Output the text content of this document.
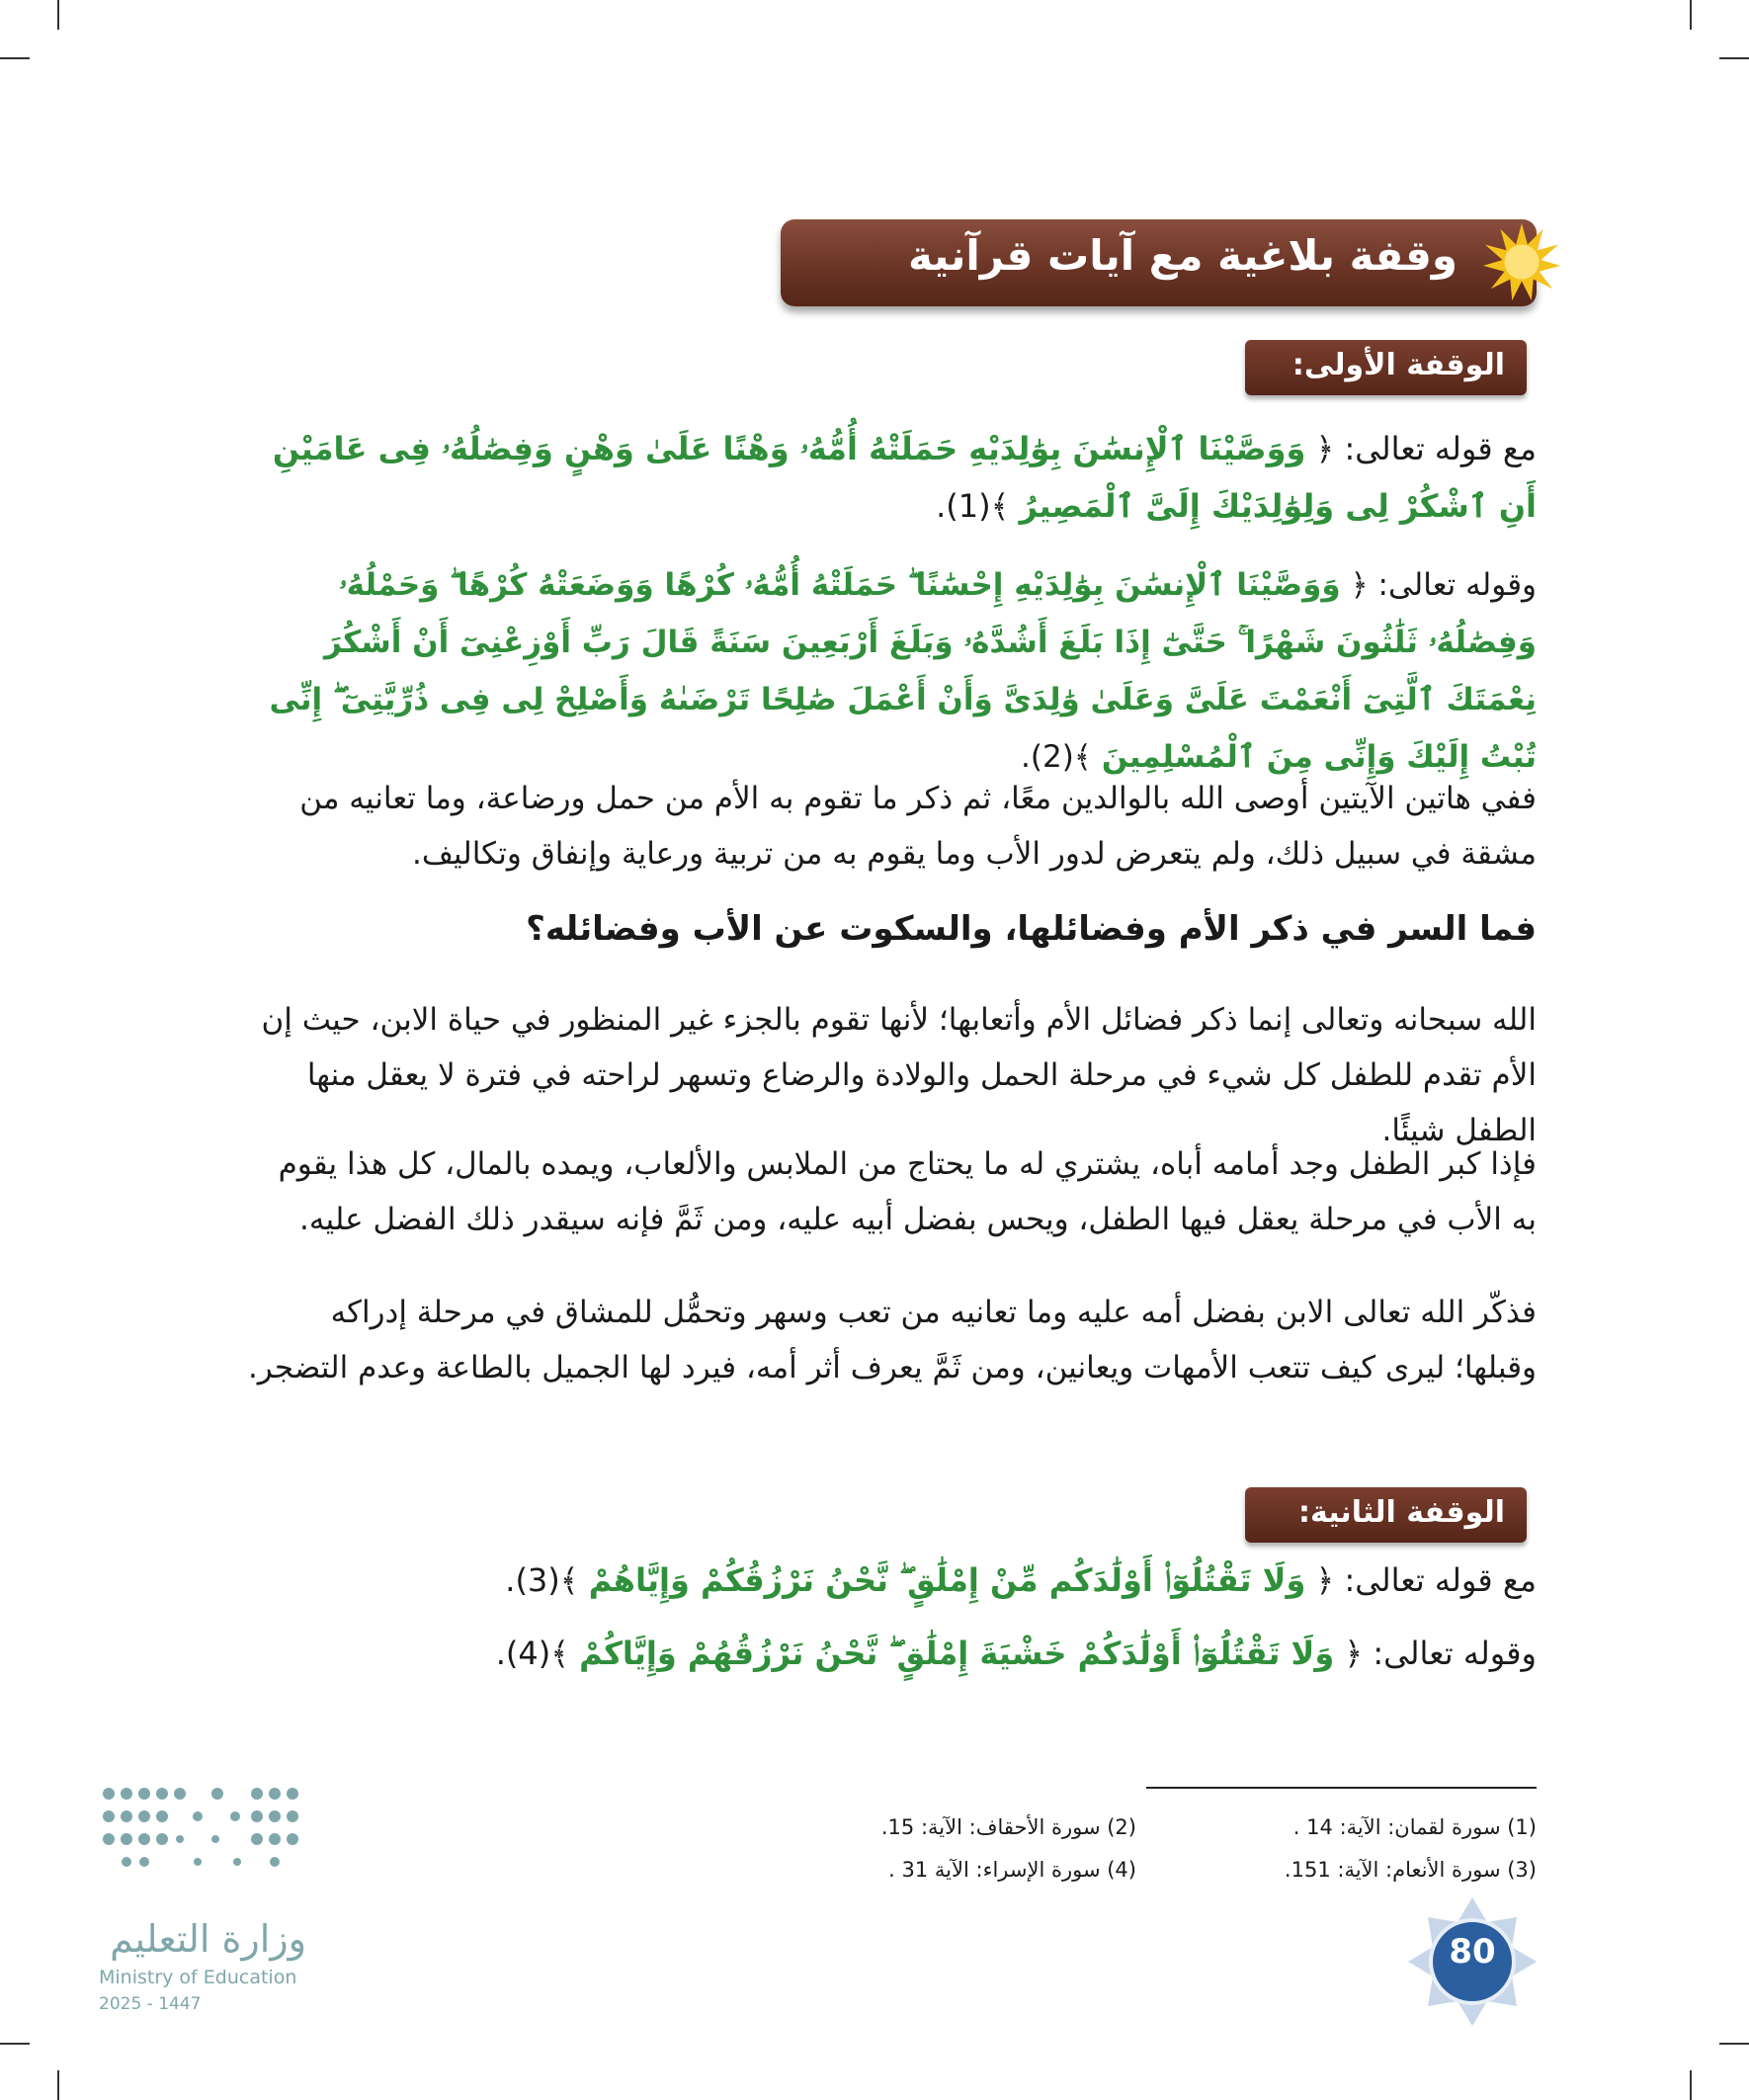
وقفة بلاغية مع آيات قرآنية
الوقفة الأولى:
مع قوله تعالى: ﴿ وَوَصَّيْنَا ٱلْإِنسَٰنَ بِوَٰلِدَيْهِ حَمَلَتْهُ أُمُّهُۥ وَهْنًا عَلَىٰ وَهْنٍ وَفِصَٰلُهُۥ فِى عَامَيْنِ أَنِ ٱشْكُرْ لِى وَلِوَٰلِدَيْكَ إِلَىَّ ٱلْمَصِيرُ ﴾(1).
وقوله تعالى: ﴿ وَوَصَّيْنَا ٱلْإِنسَٰنَ بِوَٰلِدَيْهِ إِحْسَٰنًا ۖ حَمَلَتْهُ أُمُّهُۥ كُرْهًا وَوَضَعَتْهُ كُرْهًا ۖ وَحَمْلُهُۥ وَفِصَٰلُهُۥ ثَلَٰثُونَ شَهْرًا ۚ حَتَّىٰٓ إِذَا بَلَغَ أَشُدَّهُۥ وَبَلَغَ أَرْبَعِينَ سَنَةً قَالَ رَبِّ أَوْزِعْنِىٓ أَنْ أَشْكُرَ نِعْمَتَكَ ٱلَّتِىٓ أَنْعَمْتَ عَلَىَّ وَعَلَىٰ وَٰلِدَىَّ وَأَنْ أَعْمَلَ صَٰلِحًا تَرْضَىٰهُ وَأَصْلِحْ لِى فِى ذُرِّيَّتِىٓ ۖ إِنِّى تُبْتُ إِلَيْكَ وَإِنِّى مِنَ ٱلْمُسْلِمِينَ ﴾(2).
ففي هاتين الآيتين أوصى الله بالوالدين معًا، ثم ذكر ما تقوم به الأم من حمل ورضاعة، وما تعانيه من مشقة في سبيل ذلك، ولم يتعرض لدور الأب وما يقوم به من تربية ورعاية وإنفاق وتكاليف.
فما السر في ذكر الأم وفضائلها، والسكوت عن الأب وفضائله؟
الله سبحانه وتعالى إنما ذكر فضائل الأم وأتعابها؛ لأنها تقوم بالجزء غير المنظور في حياة الابن، حيث إن الأم تقدم للطفل كل شيء في مرحلة الحمل والولادة والرضاع وتسهر لراحته في فترة لا يعقل منها الطفل شيئًا.
فإذا كبر الطفل وجد أمامه أباه، يشتري له ما يحتاج من الملابس والألعاب، ويمده بالمال، كل هذا يقوم به الأب في مرحلة يعقل فيها الطفل، ويحس بفضل أبيه عليه، ومن ثَمَّ فإنه سيقدر ذلك الفضل عليه.
فذكّر الله تعالى الابن بفضل أمه عليه وما تعانيه من تعب وسهر وتحمُّل للمشاق في مرحلة إدراكه وقبلها؛ ليرى كيف تتعب الأمهات ويعانين، ومن ثَمَّ يعرف أثر أمه، فيرد لها الجميل بالطاعة وعدم التضجر.
الوقفة الثانية:
مع قوله تعالى: ﴿ وَلَا تَقْتُلُوٓا۟ أَوْلَٰدَكُم مِّنْ إِمْلَٰقٍ ۖ نَّحْنُ نَرْزُقُكُمْ وَإِيَّاهُمْ ﴾(3).
وقوله تعالى: ﴿ وَلَا تَقْتُلُوٓا۟ أَوْلَٰدَكُمْ خَشْيَةَ إِمْلَٰقٍ ۖ نَّحْنُ نَرْزُقُهُمْ وَإِيَّاكُمْ ﴾(4).
(1) سورة لقمان: الآية: 14 .
(2) سورة الأحقاف: الآية: 15.
(3) سورة الأنعام: الآية: 151.
(4) سورة الإسراء: الآية 31 .
80
وزارة التعليم
Ministry of Education
2025 - 1447
